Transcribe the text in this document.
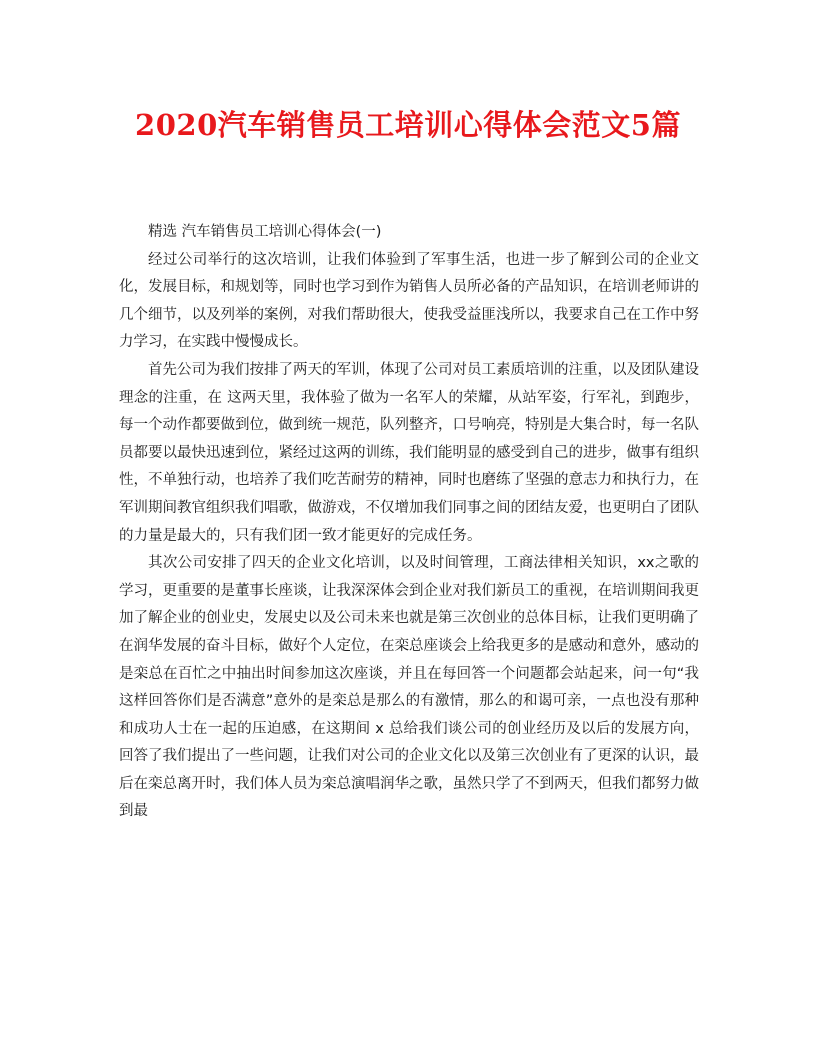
2020汽车销售员工培训心得体会范文5篇

精选 汽车销售员工培训心得体会(一)

经过公司举行的这次培训，让我们体验到了军事生活，也进一步了解到公司的企业文化，发展目标，和规划等，同时也学习到作为销售人员所必备的产品知识，在培训老师讲的几个细节，以及列举的案例，对我们帮助很大，使我受益匪浅所以，我要求自己在工作中努力学习，在实践中慢慢成长。

首先公司为我们按排了两天的军训，体现了公司对员工素质培训的注重，以及团队建设理念的注重，在 这两天里，我体验了做为一名军人的荣耀，从站军姿，行军礼，到跑步，每一个动作都要做到位，做到统一规范，队列整齐，口号响亮，特别是大集合时，每一名队员都要以最快迅速到位，紧经过这两的训练，我们能明显的感受到自己的进步，做事有组织性，不单独行动，也培养了我们吃苦耐劳的精神，同时也磨练了坚强的意志力和执行力，在军训期间教官组织我们唱歌，做游戏，不仅增加我们同事之间的团结友爱，也更明白了团队的力量是最大的，只有我们团一致才能更好的完成任务。

其次公司安排了四天的企业文化培训，以及时间管理，工商法律相关知识，xx之歌的学习，更重要的是董事长座谈，让我深深体会到企业对我们新员工的重视，在培训期间我更加了解企业的创业史，发展史以及公司未来也就是第三次创业的总体目标，让我们更明确了在润华发展的奋斗目标，做好个人定位，在栾总座谈会上给我更多的是感动和意外，感动的是栾总在百忙之中抽出时间参加这次座谈，并且在每回答一个问题都会站起来，问一句“我这样回答你们是否满意”意外的是栾总是那么的有激情，那么的和谒可亲，一点也没有那种和成功人士在一起的压迫感，在这期间 x 总给我们谈公司的创业经历及以后的发展方向，回答了我们提出了一些问题，让我们对公司的企业文化以及第三次创业有了更深的认识，最后在栾总离开时，我们体人员为栾总演唱润华之歌，虽然只学了不到两天，但我们都努力做到最
